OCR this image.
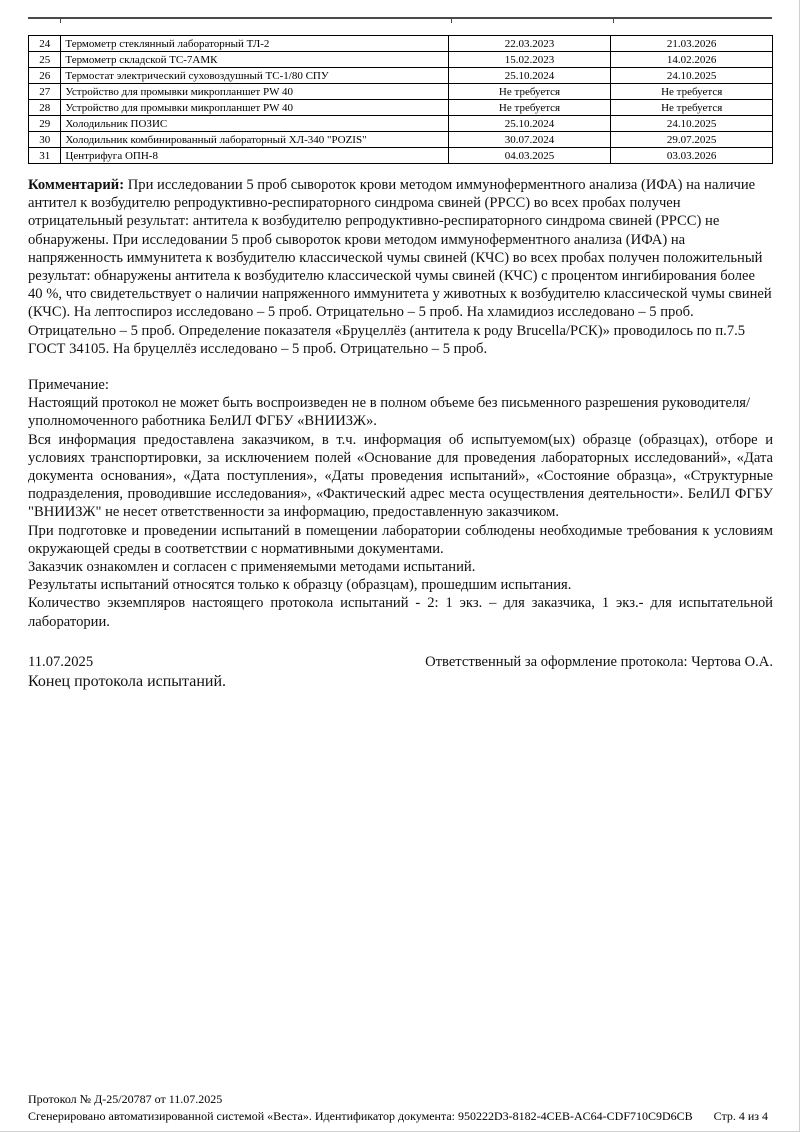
24	Термометр стеклянный лабораторный ТЛ-2	22.03.2023	21.03.2026
25	Термометр складской ТС-7АМК	15.02.2023	14.02.2026
26	Термостат электрический суховоздушный ТС-1/80 СПУ	25.10.2024	24.10.2025
27	Устройство для промывки микропланшет PW 40	Не требуется	Не требуется
28	Устройство для промывки микропланшет PW 40	Не требуется	Не требуется
29	Холодильник ПОЗИС	25.10.2024	24.10.2025
30	Холодильник комбинированный лабораторный ХЛ-340 "POZIS"	30.07.2024	29.07.2025
31	Центрифуга ОПН-8	04.03.2025	03.03.2026

Комментарий: При исследовании 5 проб сывороток крови методом иммуноферментного анализа (ИФА) на наличие антител к возбудителю репродуктивно-респираторного синдрома свиней (РРСС) во всех пробах получен отрицательный результат: антитела к возбудителю репродуктивно-респираторного синдрома свиней (РРСС) не обнаружены. При исследовании 5 проб сывороток крови методом иммуноферментного анализа (ИФА) на напряженность иммунитета к возбудителю классической чумы свиней (КЧС) во всех пробах получен положительный результат: обнаружены антитела к возбудителю классической чумы свиней (КЧС) с процентом ингибирования более 40 %, что свидетельствует о наличии напряженного иммунитета у животных к возбудителю классической чумы свиней (КЧС). На лептоспироз исследовано – 5 проб. Отрицательно – 5 проб. На хламидиоз исследовано – 5 проб. Отрицательно – 5 проб. Определение показателя «Бруцеллёз (антитела к роду Brucella/РСК)» проводилось по п.7.5 ГОСТ 34105. На бруцеллёз исследовано – 5 проб. Отрицательно – 5 проб.

Примечание:

Настоящий протокол не может быть воспроизведен не в полном объеме без письменного разрешения руководителя/уполномоченного работника БелИЛ ФГБУ «ВНИИЗЖ».

Вся информация предоставлена заказчиком, в т.ч. информация об испытуемом(ых) образце (образцах), отборе и условиях транспортировки, за исключением полей «Основание для проведения лабораторных исследований», «Дата документа основания», «Дата поступления», «Даты проведения испытаний», «Состояние образца», «Структурные подразделения, проводившие исследования», «Фактический адрес места осуществления деятельности». БелИЛ ФГБУ "ВНИИЗЖ" не несет ответственности за информацию, предоставленную заказчиком.

При подготовке и проведении испытаний в помещении лаборатории соблюдены необходимые требования к условиям окружающей среды в соответствии с нормативными документами.

Заказчик ознакомлен и согласен с применяемыми методами испытаний.

Результаты испытаний относятся только к образцу (образцам), прошедшим испытания.

Количество экземпляров настоящего протокола испытаний - 2: 1 экз. – для заказчика, 1 экз.- для испытательной лаборатории.

11.07.2025	Ответственный за оформление протокола: Чертова О.А.

Конец протокола испытаний.

Протокол № Д-25/20787 от 11.07.2025
Сгенерировано автоматизированной системой «Веста». Идентификатор документа: 950222D3-8182-4CEB-AC64-CDF710C9D6CB Стр. 4 из 4
